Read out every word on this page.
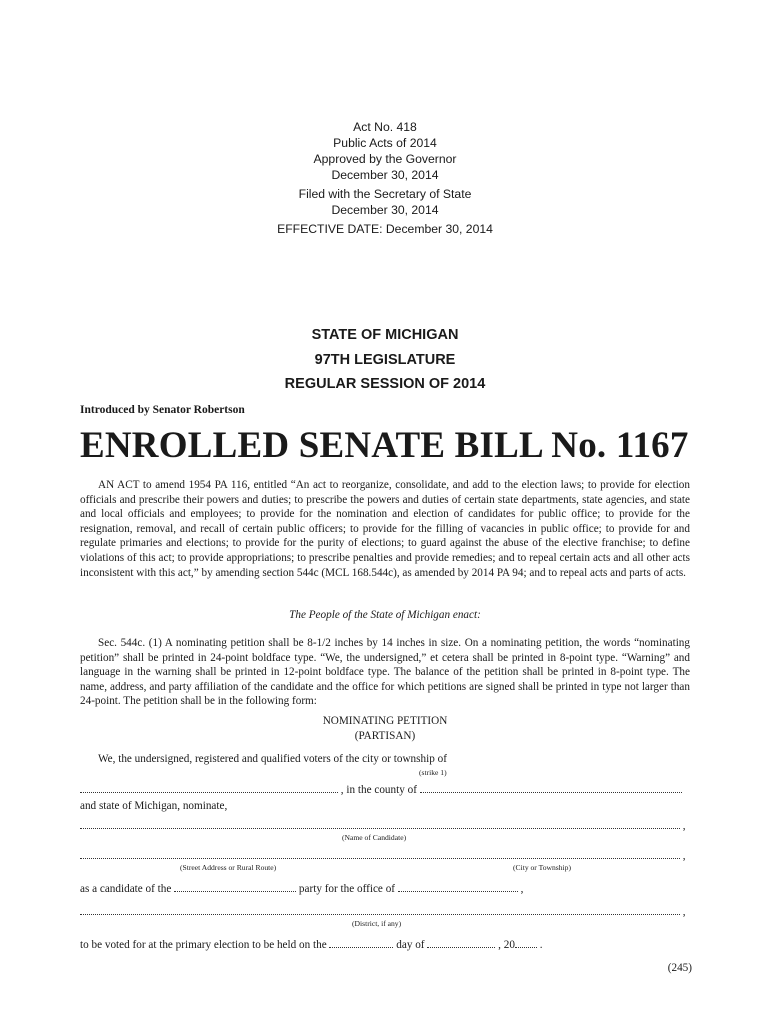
Act No. 418
Public Acts of 2014
Approved by the Governor
December 30, 2014
Filed with the Secretary of State
December 30, 2014
EFFECTIVE DATE: December 30, 2014
STATE OF MICHIGAN
97TH LEGISLATURE
REGULAR SESSION OF 2014
Introduced by Senator Robertson
ENROLLED SENATE BILL No. 1167

AN ACT to amend 1954 PA 116, entitled “An act to reorganize, consolidate, and add to the election laws; to provide for election officials and prescribe their powers and duties; to prescribe the powers and duties of certain state departments, state agencies, and state and local officials and employees; to provide for the nomination and election of candidates for public office; to provide for the resignation, removal, and recall of certain public officers; to provide for the filling of vacancies in public office; to provide for and regulate primaries and elections; to provide for the purity of elections; to guard against the abuse of the elective franchise; to define violations of this act; to provide appropriations; to prescribe penalties and provide remedies; and to repeal certain acts and all other acts inconsistent with this act,” by amending section 544c (MCL 168.544c), as amended by 2014 PA 94; and to repeal acts and parts of acts.

The People of the State of Michigan enact:

Sec. 544c. (1) A nominating petition shall be 8-1/2 inches by 14 inches in size. On a nominating petition, the words “nominating petition” shall be printed in 24-point boldface type. “We, the undersigned,” et cetera shall be printed in 8-point type. “Warning” and language in the warning shall be printed in 12-point boldface type. The balance of the petition shall be printed in 8-point type. The name, address, and party affiliation of the candidate and the office for which petitions are signed shall be printed in type not larger than 24-point. The petition shall be in the following form:

NOMINATING PETITION
(PARTISAN)
We, the undersigned, registered and qualified voters of the city or township of
(strike 1)
, in the county of
and state of Michigan, nominate,
,
(Name of Candidate)
,
(Street Address or Rural Route)	(City or Township)
as a candidate of the	party for the office of	,
,
(District, if any)
to be voted for at the primary election to be held on the	day of	, 20 .
(245)
